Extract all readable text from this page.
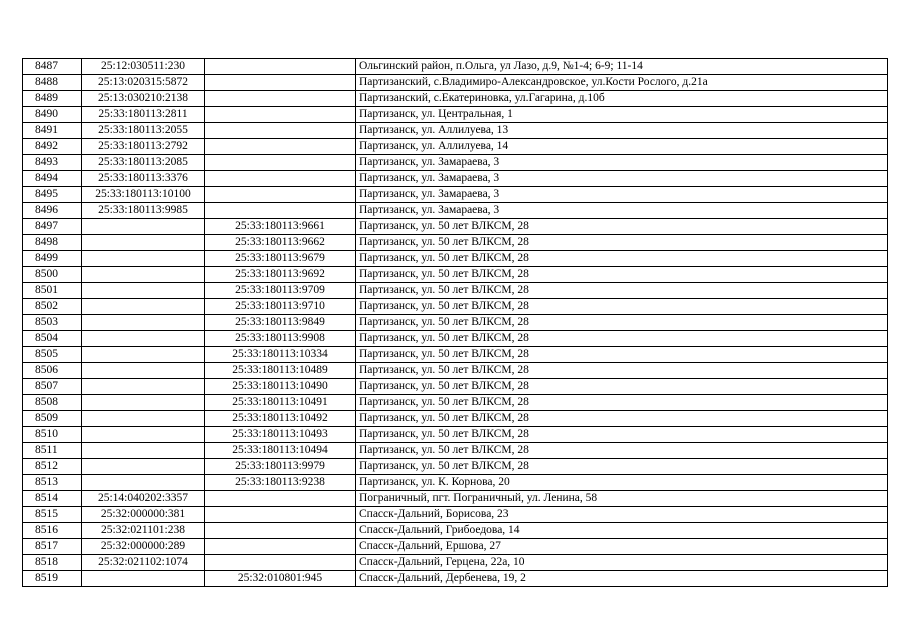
8487	25:12:030511:230		Ольгинский район, п.Ольга, ул Лазо, д.9, №1-4; 6-9; 11-14
8488	25:13:020315:5872		Партизанский, с.Владимиро-Александровское, ул.Кости Рослого, д.21а
8489	25:13:030210:2138		Партизанский, с.Екатериновка, ул.Гагарина, д.10б
8490	25:33:180113:2811		Партизанск, ул. Центральная, 1
8491	25:33:180113:2055		Партизанск, ул. Аллилуева, 13
8492	25:33:180113:2792		Партизанск, ул. Аллилуева, 14
8493	25:33:180113:2085		Партизанск, ул. Замараева, 3
8494	25:33:180113:3376		Партизанск, ул. Замараева, 3
8495	25:33:180113:10100		Партизанск, ул. Замараева, 3
8496	25:33:180113:9985		Партизанск, ул. Замараева, 3
8497		25:33:180113:9661	Партизанск, ул. 50 лет ВЛКСМ, 28
8498		25:33:180113:9662	Партизанск, ул. 50 лет ВЛКСМ, 28
8499		25:33:180113:9679	Партизанск, ул. 50 лет ВЛКСМ, 28
8500		25:33:180113:9692	Партизанск, ул. 50 лет ВЛКСМ, 28
8501		25:33:180113:9709	Партизанск, ул. 50 лет ВЛКСМ, 28
8502		25:33:180113:9710	Партизанск, ул. 50 лет ВЛКСМ, 28
8503		25:33:180113:9849	Партизанск, ул. 50 лет ВЛКСМ, 28
8504		25:33:180113:9908	Партизанск, ул. 50 лет ВЛКСМ, 28
8505		25:33:180113:10334	Партизанск, ул. 50 лет ВЛКСМ, 28
8506		25:33:180113:10489	Партизанск, ул. 50 лет ВЛКСМ, 28
8507		25:33:180113:10490	Партизанск, ул. 50 лет ВЛКСМ, 28
8508		25:33:180113:10491	Партизанск, ул. 50 лет ВЛКСМ, 28
8509		25:33:180113:10492	Партизанск, ул. 50 лет ВЛКСМ, 28
8510		25:33:180113:10493	Партизанск, ул. 50 лет ВЛКСМ, 28
8511		25:33:180113:10494	Партизанск, ул. 50 лет ВЛКСМ, 28
8512		25:33:180113:9979	Партизанск, ул. 50 лет ВЛКСМ, 28
8513		25:33:180113:9238	Партизанск, ул. К. Корнова, 20
8514	25:14:040202:3357		Пограничный, пгт. Пограничный, ул. Ленина, 58
8515	25:32:000000:381		Спасск-Дальний, Борисова, 23
8516	25:32:021101:238		Спасск-Дальний, Грибоедова, 14
8517	25:32:000000:289		Спасск-Дальний, Ершова, 27
8518	25:32:021102:1074		Спасск-Дальний, Герцена, 22а, 10
8519		25:32:010801:945	Спасск-Дальний, Дербенева, 19, 2
